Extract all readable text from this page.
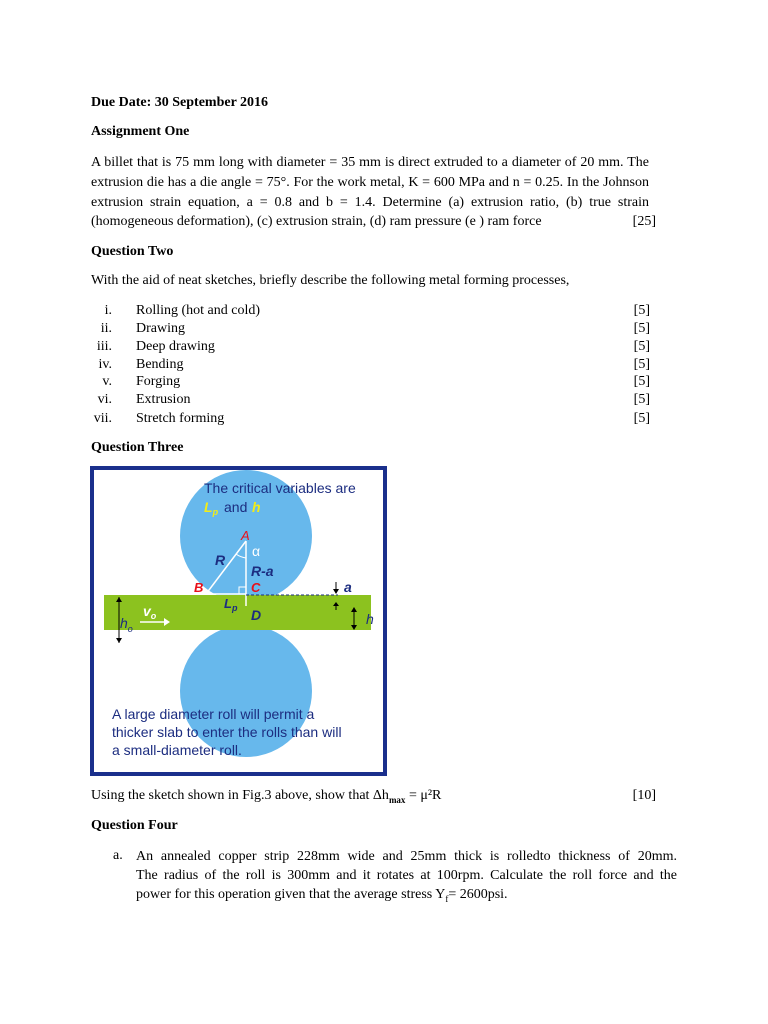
Due Date: 30 September 2016
Assignment One
A billet that is 75 mm long with diameter = 35 mm is direct extruded to a diameter of 20 mm. The
extrusion die has a die angle = 75°. For the work metal, K = 600 MPa and n = 0.25. In the Johnson
extrusion strain equation, a = 0.8 and b = 1.4. Determine (a) extrusion ratio, (b) true strain
(homogeneous deformation), (c) extrusion strain, (d) ram pressure (e ) ram force	[25]
Question Two
With the aid of neat sketches, briefly describe the following metal forming processes,
i. Rolling (hot and cold)	[5]
ii. Drawing	[5]
iii. Deep drawing	[5]
iv. Bending	[5]
v. Forging	[5]
vi. Extrusion	[5]
vii. Stretch forming	[5]
Question Three
The critical variables are
$L_p$ and h
A
α
R
R-a
B	C	a
$v_o$
$L_p$ D	h
$h_o$
A large diameter roll will permit a
thicker slab to enter the rolls than will
a small-diameter roll.
Using the sketch shown in Fig.3 above, show that $\Delta h_{max} = \mu^2R$	[10]
Question Four
a. An annealed copper strip 228mm wide and 25mm thick is rolledto thickness of 20mm.
The radius of the roll is 300mm and it rotates at 100rpm. Calculate the roll force and the
power for this operation given that the average stress $Y_f= 2600psi$.
